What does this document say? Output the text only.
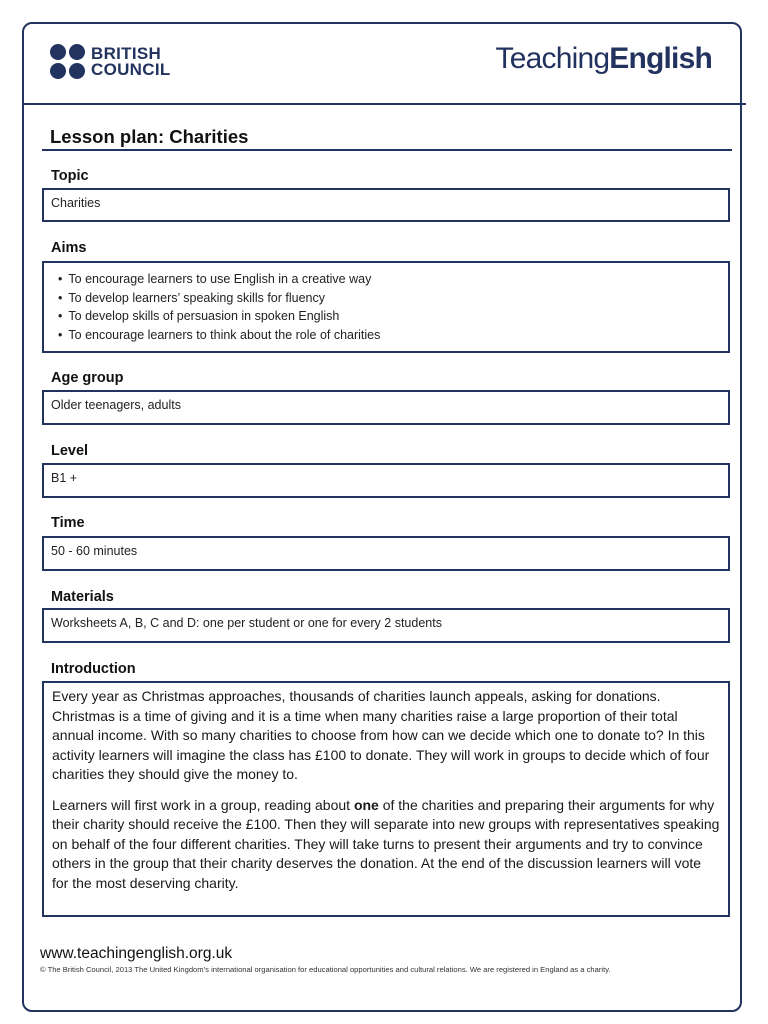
BRITISH
COUNCIL	TeachingEnglish
Lesson plan: Charities
Topic
Charities
Aims
• To encourage learners to use English in a creative way
• To develop learners’ speaking skills for fluency
• To develop skills of persuasion in spoken English
• To encourage learners to think about the role of charities
Age group
Older teenagers, adults
Level
B1 +
Time
50 - 60 minutes
Materials
Worksheets A, B, C and D: one per student or one for every 2 students
Introduction

Every year as Christmas approaches, thousands of charities launch appeals, asking for donations. Christmas is a time of giving and it is a time when many charities raise a large proportion of their total annual income. With so many charities to choose from how can we decide which one to donate to? In this activity learners will imagine the class has £100 to donate. They will work in groups to decide which of four charities they should give the money to.

Learners will first work in a group, reading about one of the charities and preparing their arguments for why their charity should receive the £100. Then they will separate into new groups with representatives speaking on behalf of the four different charities. They will take turns to present their arguments and try to convince others in the group that their charity deserves the donation. At the end of the discussion learners will vote for the most deserving charity.

www.teachingenglish.org.uk
© The British Council, 2013 The United Kingdom’s international organisation for educational opportunities and cultural relations. We are registered in England as a charity.
